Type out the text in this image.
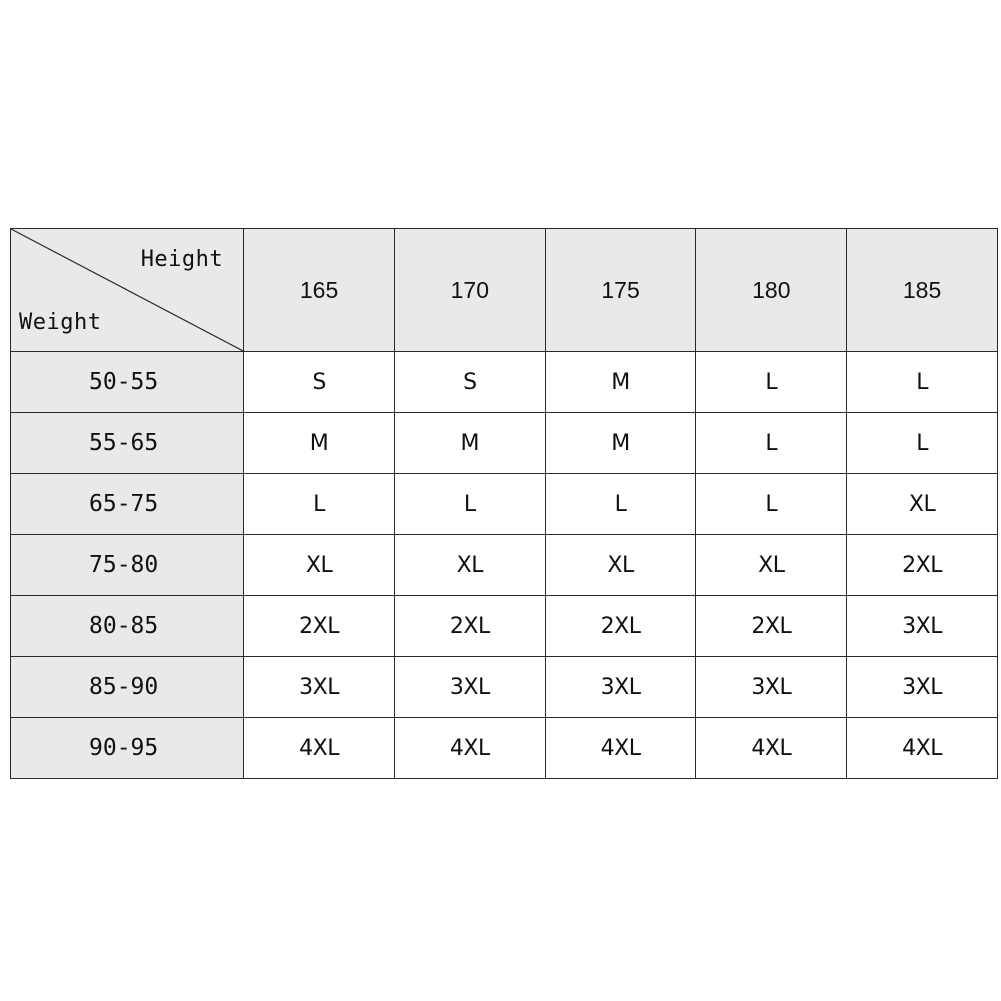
Height
Weight	165	170	175	180	185
50-55	S	S	M	L	L
55-65	M	M	M	L	L
65-75	L	L	L	L	XL
75-80	XL	XL	XL	XL	2XL
80-85	2XL	2XL	2XL	2XL	3XL
85-90	3XL	3XL	3XL	3XL	3XL
90-95	4XL	4XL	4XL	4XL	4XL
